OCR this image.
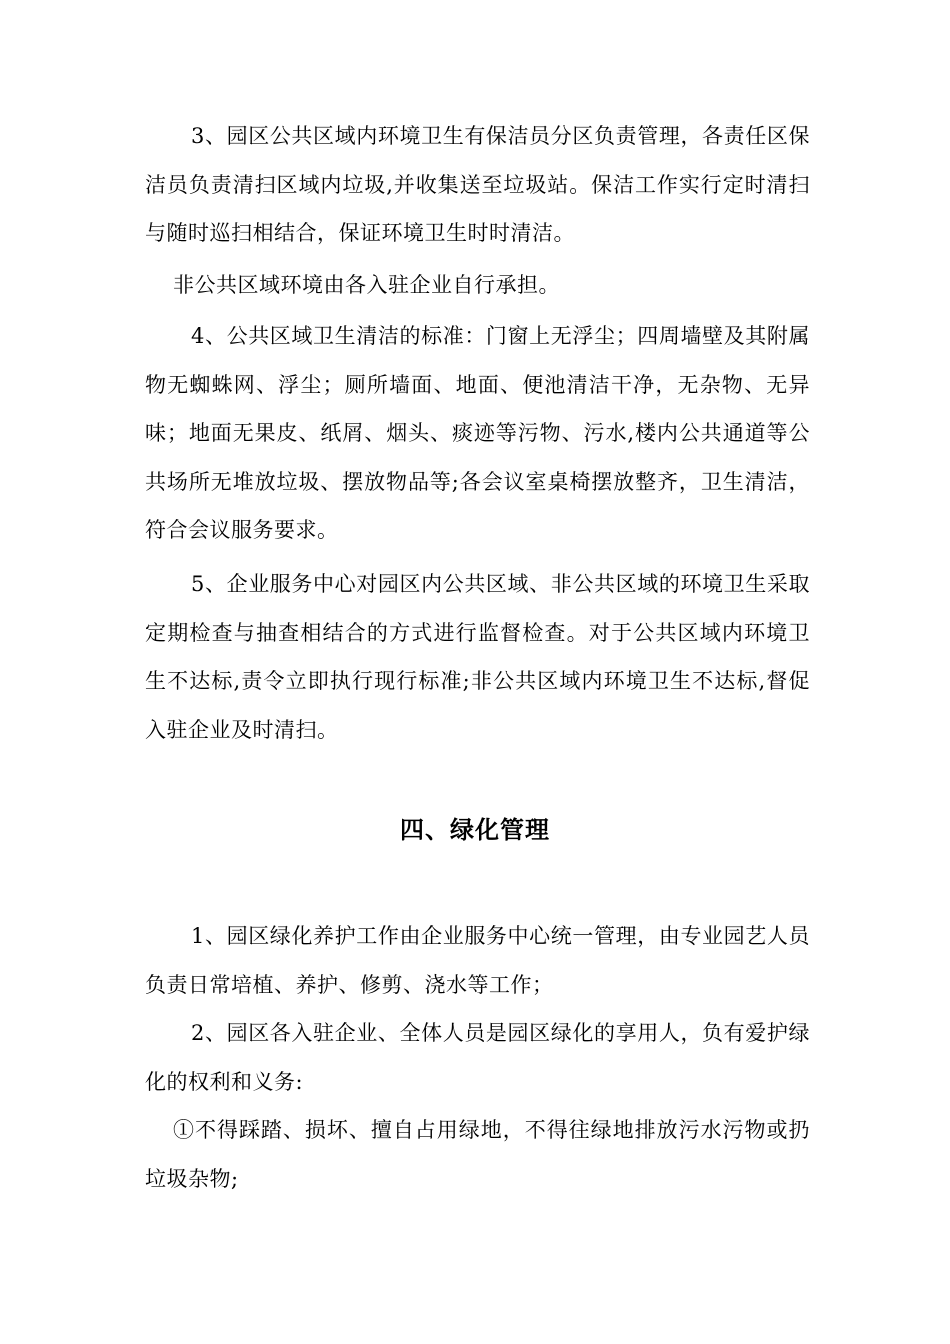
3、园区公共区域内环境卫生有保洁员分区负责管理，各责任区保洁员负责清扫区域内垃圾,并收集送至垃圾站。保洁工作实行定时清扫与随时巡扫相结合，保证环境卫生时时清洁。

非公共区域环境由各入驻企业自行承担。

4、公共区域卫生清洁的标准：门窗上无浮尘；四周墙壁及其附属物无蜘蛛网、浮尘；厕所墙面、地面、便池清洁干净，无杂物、无异味；地面无果皮、纸屑、烟头、痰迹等污物、污水,楼内公共通道等公共场所无堆放垃圾、摆放物品等;各会议室桌椅摆放整齐，卫生清洁，符合会议服务要求。

5、企业服务中心对园区内公共区域、非公共区域的环境卫生采取定期检查与抽查相结合的方式进行监督检查。对于公共区域内环境卫生不达标,责令立即执行现行标准;非公共区域内环境卫生不达标,督促入驻企业及时清扫。

四、绿化管理

1、园区绿化养护工作由企业服务中心统一管理，由专业园艺人员负责日常培植、养护、修剪、浇水等工作；

2、园区各入驻企业、全体人员是园区绿化的享用人，负有爱护绿化的权利和义务:

①不得踩踏、损坏、擅自占用绿地，不得往绿地排放污水污物或扔垃圾杂物;
